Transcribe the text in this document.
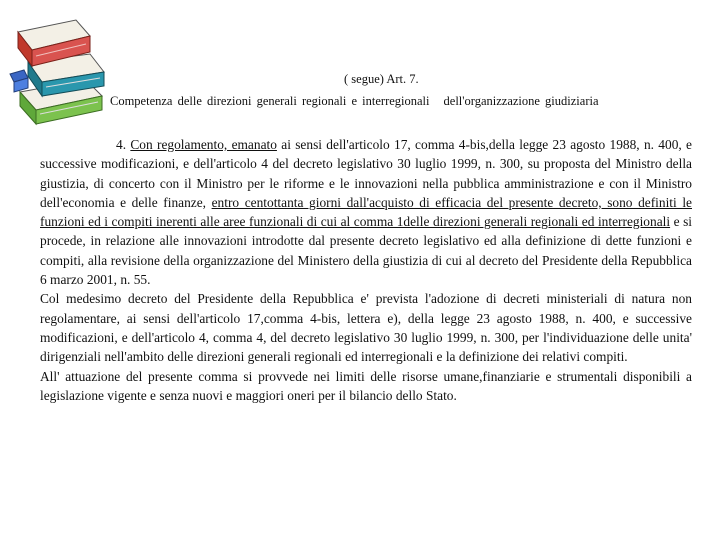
( segue) Art. 7.
Competenza delle direzioni generali regionali e interregionali dell'organizzazione giudiziaria

4. Con regolamento, emanato ai sensi dell'articolo 17, comma 4-bis,della legge 23 agosto 1988, n. 400, e successive modificazioni, e dell'articolo 4 del decreto legislativo 30 luglio 1999, n. 300, su proposta del Ministro della giustizia, di concerto con il Ministro per le riforme e le innovazioni nella pubblica amministrazione e con il Ministro dell'economia e delle finanze, entro centottanta giorni dall'acquisto di efficacia del presente decreto, sono definiti le funzioni ed i compiti inerenti alle aree funzionali di cui al comma 1delle direzioni generali regionali ed interregionali e si procede, in relazione alle innovazioni introdotte dal presente decreto legislativo ed alla definizione di dette funzioni e compiti, alla revisione della organizzazione del Ministero della giustizia di cui al decreto del Presidente della Repubblica 6 marzo 2001, n. 55.

Col medesimo decreto del Presidente della Repubblica e' prevista l'adozione di decreti ministeriali di natura non regolamentare, ai sensi dell'articolo 17,comma 4-bis, lettera e), della legge 23 agosto 1988, n. 400, e successive modificazioni, e dell'articolo 4, comma 4, del decreto legislativo 30 luglio 1999, n. 300, per l'individuazione delle unita' dirigenziali nell'ambito delle direzioni generali regionali ed interregionali e la definizione dei relativi compiti.

All' attuazione del presente comma si provvede nei limiti delle risorse umane,finanziarie e strumentali disponibili a legislazione vigente e senza nuovi e maggiori oneri per il bilancio dello Stato.
